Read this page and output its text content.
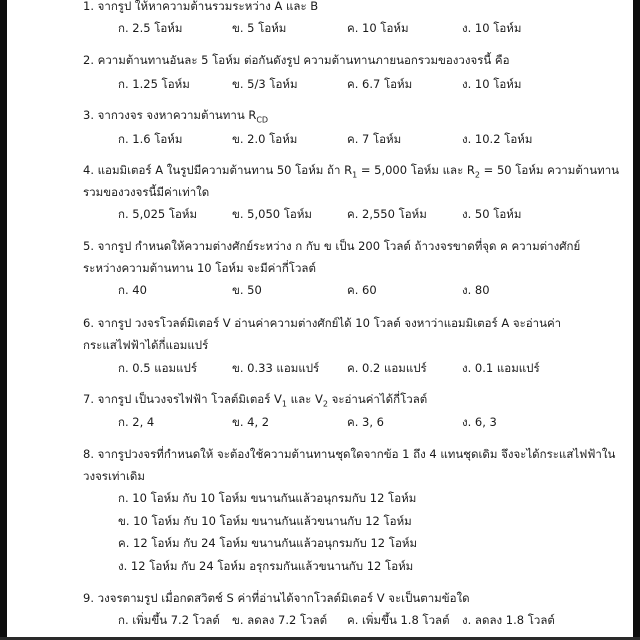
1. จากรูป ให้หาความต้านรวมระหว่าง A และ B
ก. 2.5 โอห์ม	ข. 5 โอห์ม	ค. 10 โอห์ม	ง. 10 โอห์ม
2. ความต้านทานอันละ 5 โอห์ม ต่อกันดังรูป ความต้านทานภายนอกรวมของวงจรนี้ คือ
ก. 1.25 โอห์ม	ข. 5/3 โอห์ม	ค. 6.7 โอห์ม	ง. 10 โอห์ม
3. จากวงจร จงหาความต้านทาน $R_{CD}$
ก. 1.6 โอห์ม	ข. 2.0 โอห์ม	ค. 7 โอห์ม	ง. 10.2 โอห์ม
4. แอมมิเตอร์ A ในรูปมีความต้านทาน 50 โอห์ม ถ้า $R_1 = 5,000$ โอห์ม และ $R_2 = 50$ โอห์ม ความต้านทาน
รวมของวงจรนี้มีค่าเท่าใด
ก. 5,025 โอห์ม	ข. 5,050 โอห์ม	ค. 2,550 โอห์ม	ง. 50 โอห์ม
5. จากรูป กำหนดให้ความต่างศักย์ระหว่าง ก กับ ข เป็น 200 โวลต์ ถ้าวงจรขาดที่จุด ค ความต่างศักย์
ระหว่างความต้านทาน 10 โอห์ม จะมีค่ากี่โวลต์
ก. 40	ข. 50	ค. 60	ง. 80
6. จากรูป วงจรโวลต์มิเตอร์ V อ่านค่าความต่างศักย์ได้ 10 โวลต์ จงหาว่าแอมมิเตอร์ A จะอ่านค่า
กระแสไฟฟ้าได้กี่แอมแปร์
ก. 0.5 แอมแปร์	ข. 0.33 แอมแปร์ ค. 0.2 แอมแปร์	ง. 0.1 แอมแปร์
7. จากรูป เป็นวงจรไฟฟ้า โวลต์มิเตอร์ $V_1$ และ $V_2$ จะอ่านค่าได้กี่โวลต์
ก. 2, 4	ข. 4, 2	ค. 3, 6	ง. 6, 3
8. จากรูปวงจรที่กำหนดให้ จะต้องใช้ความต้านทานชุดใดจากข้อ 1 ถึง 4 แทนชุดเดิม จึงจะได้กระแสไฟฟ้าใน
วงจรเท่าเดิม
ก. 10 โอห์ม กับ 10 โอห์ม ขนานกันแล้วอนุกรมกับ 12 โอห์ม
ข. 10 โอห์ม กับ 10 โอห์ม ขนานกันแล้วขนานกับ 12 โอห์ม
ค. 12 โอห์ม กับ 24 โอห์ม ขนานกันแล้วอนุกรมกับ 12 โอห์ม
ง. 12 โอห์ม กับ 24 โอห์ม อรุกรมกันแล้วขนานกับ 12 โอห์ม
9. วงจรตามรูป เมื่อกดสวิตช์ S ค่าที่อ่านได้จากโวลต์มิเตอร์ V จะเป็นตามข้อใด
ก. เพิ่มขึ้น 7.2 โวลต์ ข. ลดลง 7.2 โวลต์ ค. เพิ่มขึ้น 1.8 โวลต์ ง. ลดลง 1.8 โวลต์
